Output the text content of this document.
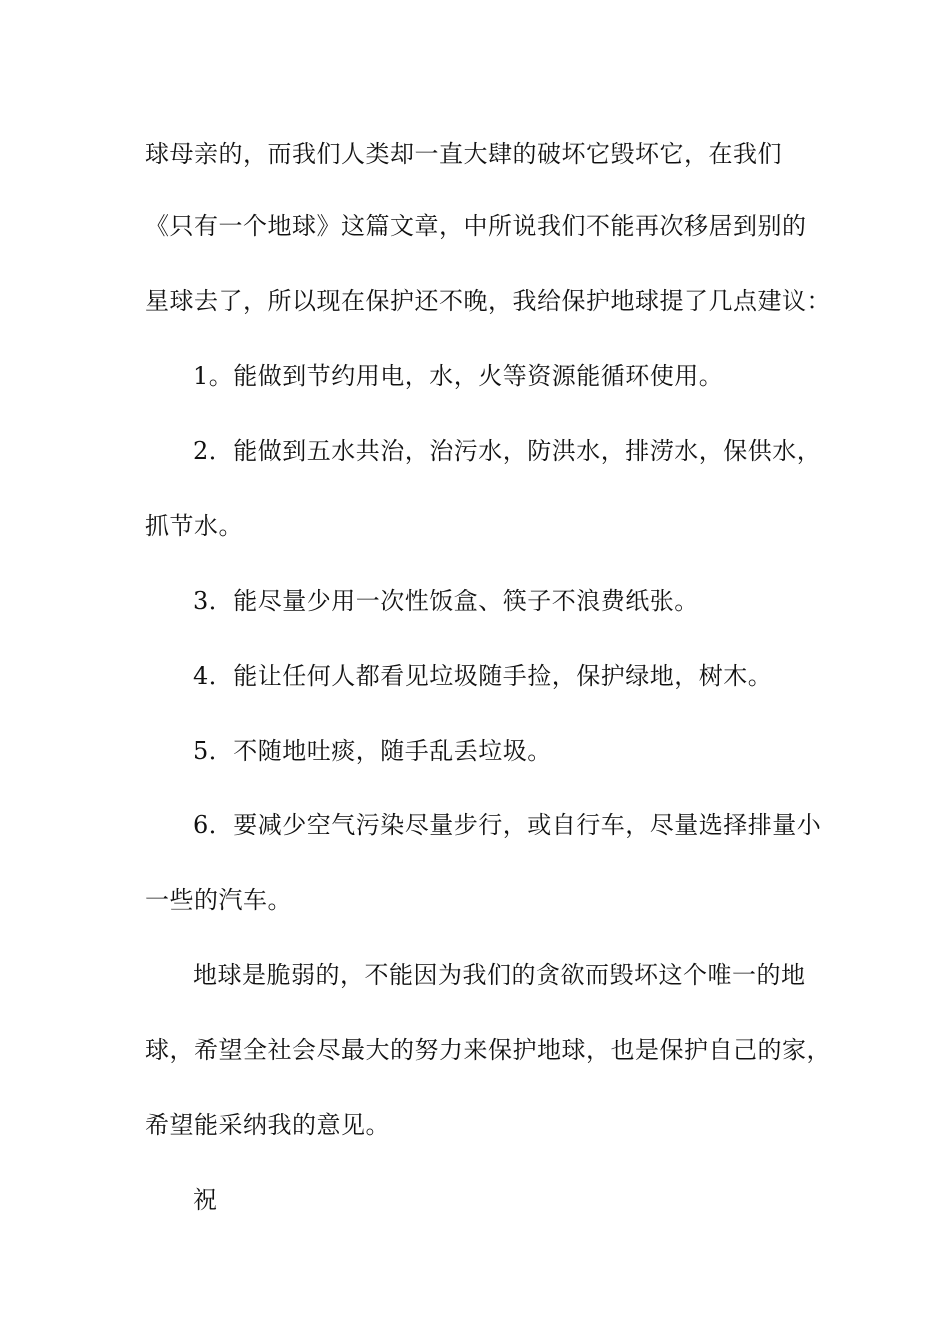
球母亲的，而我们人类却一直大肆的破坏它毁坏它，在我们
《只有一个地球》这篇文章，中所说我们不能再次移居到别的
星球去了，所以现在保护还不晚，我给保护地球提了几点建议：
1。能做到节约用电，水，火等资源能循环使用。
2．能做到五水共治，治污水，防洪水，排涝水，保供水，
抓节水。
3．能尽量少用一次性饭盒、筷子不浪费纸张。
4．能让任何人都看见垃圾随手捡，保护绿地，树木。
5．不随地吐痰，随手乱丢垃圾。
6．要减少空气污染尽量步行，或自行车，尽量选择排量小
一些的汽车。
地球是脆弱的，不能因为我们的贪欲而毁坏这个唯一的地
球，希望全社会尽最大的努力来保护地球，也是保护自己的家，
希望能采纳我的意见。
祝
